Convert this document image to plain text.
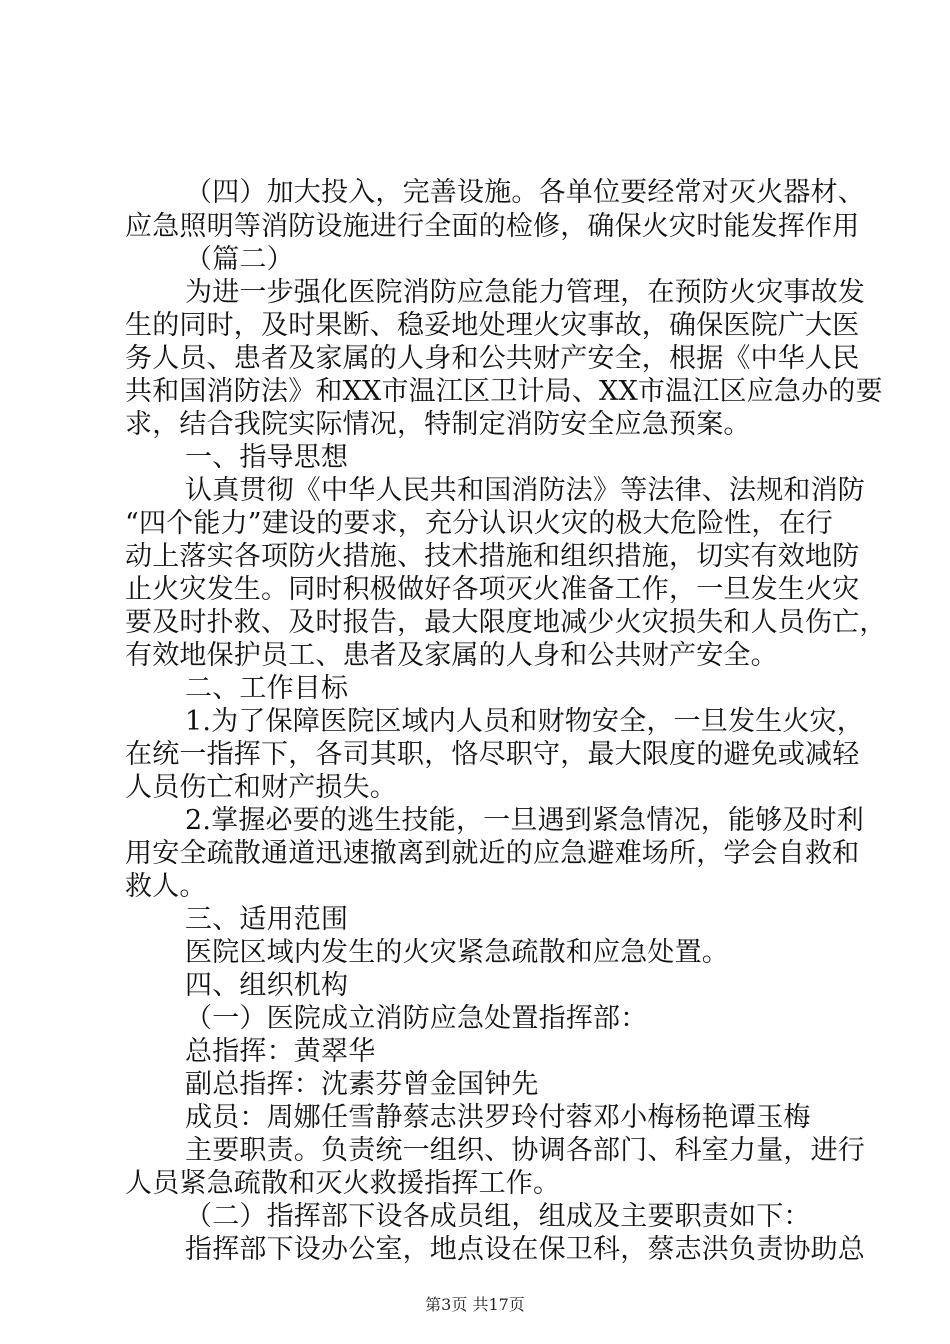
（四）加大投入，完善设施。各单位要经常对灭火器材、
应急照明等消防设施进行全面的检修，确保火灾时能发挥作用
（篇二）
为进一步强化医院消防应急能力管理，在预防火灾事故发
生的同时，及时果断、稳妥地处理火灾事故，确保医院广大医
务人员、患者及家属的人身和公共财产安全，根据《中华人民
共和国消防法》和XX市温江区卫计局、XX市温江区应急办的要
求，结合我院实际情况，特制定消防安全应急预案。
一、指导思想
认真贯彻《中华人民共和国消防法》等法律、法规和消防
“四个能力”建设的要求，充分认识火灾的极大危险性，在行
动上落实各项防火措施、技术措施和组织措施，切实有效地防
止火灾发生。同时积极做好各项灭火准备工作，一旦发生火灾
要及时扑救、及时报告，最大限度地减少火灾损失和人员伤亡，
有效地保护员工、患者及家属的人身和公共财产安全。
二、工作目标
1.为了保障医院区域内人员和财物安全，一旦发生火灾，
在统一指挥下，各司其职，恪尽职守，最大限度的避免或减轻
人员伤亡和财产损失。
2.掌握必要的逃生技能，一旦遇到紧急情况，能够及时利
用安全疏散通道迅速撤离到就近的应急避难场所，学会自救和
救人。
三、适用范围
医院区域内发生的火灾紧急疏散和应急处置。
四、组织机构
（一）医院成立消防应急处置指挥部：
总指挥：黄翠华
副总指挥：沈素芬曾金国钟先
成员：周娜任雪静蔡志洪罗玲付蓉邓小梅杨艳谭玉梅
主要职责。负责统一组织、协调各部门、科室力量，进行
人员紧急疏散和灭火救援指挥工作。
（二）指挥部下设各成员组，组成及主要职责如下：
指挥部下设办公室，地点设在保卫科，蔡志洪负责协助总
第3页 共17页
